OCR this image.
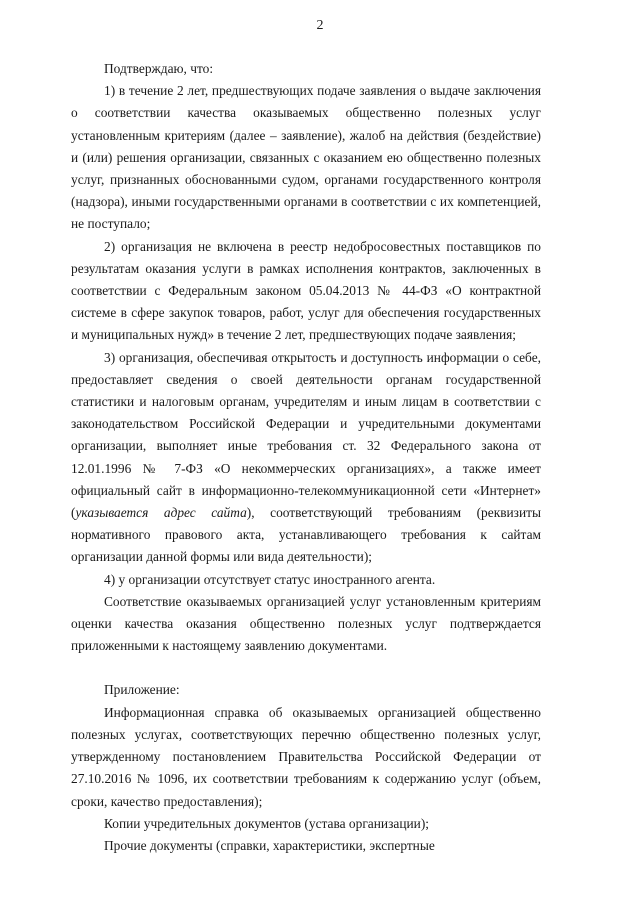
2

Подтверждаю, что:

1) в течение 2 лет, предшествующих подаче заявления о выдаче заключения о соответствии качества оказываемых общественно полезных услуг установленным критериям (далее – заявление), жалоб на действия (бездействие) и (или) решения организации, связанных с оказанием ею общественно полезных услуг, признанных обоснованными судом, органами государственного контроля (надзора), иными государственными органами в соответствии с их компетенцией, не поступало;

2) организация не включена в реестр недобросовестных поставщиков по результатам оказания услуги в рамках исполнения контрактов, заключенных в соответствии с Федеральным законом 05.04.2013 № 44-ФЗ «О контрактной системе в сфере закупок товаров, работ, услуг для обеспечения государственных и муниципальных нужд» в течение 2 лет, предшествующих подаче заявления;

3) организация, обеспечивая открытость и доступность информации о себе, предоставляет сведения о своей деятельности органам государственной статистики и налоговым органам, учредителям и иным лицам в соответствии с законодательством Российской Федерации и учредительными документами организации, выполняет иные требования ст. 32 Федерального закона от 12.01.1996 № 7-ФЗ «О некоммерческих организациях», а также имеет официальный сайт в информационно-телекоммуникационной сети «Интернет» (указывается адрес сайта), соответствующий требованиям (реквизиты нормативного правового акта, устанавливающего требования к сайтам организации данной формы или вида деятельности);

4) у организации отсутствует статус иностранного агента.

Соответствие оказываемых организацией услуг установленным критериям оценки качества оказания общественно полезных услуг подтверждается приложенными к настоящему заявлению документами.

Приложение:

Информационная справка об оказываемых организацией общественно полезных услугах, соответствующих перечню общественно полезных услуг, утвержденному постановлением Правительства Российской Федерации от 27.10.2016 № 1096, их соответствии требованиям к содержанию услуг (объем, сроки, качество предоставления);

Копии учредительных документов (устава организации);

Прочие документы (справки, характеристики, экспертные
